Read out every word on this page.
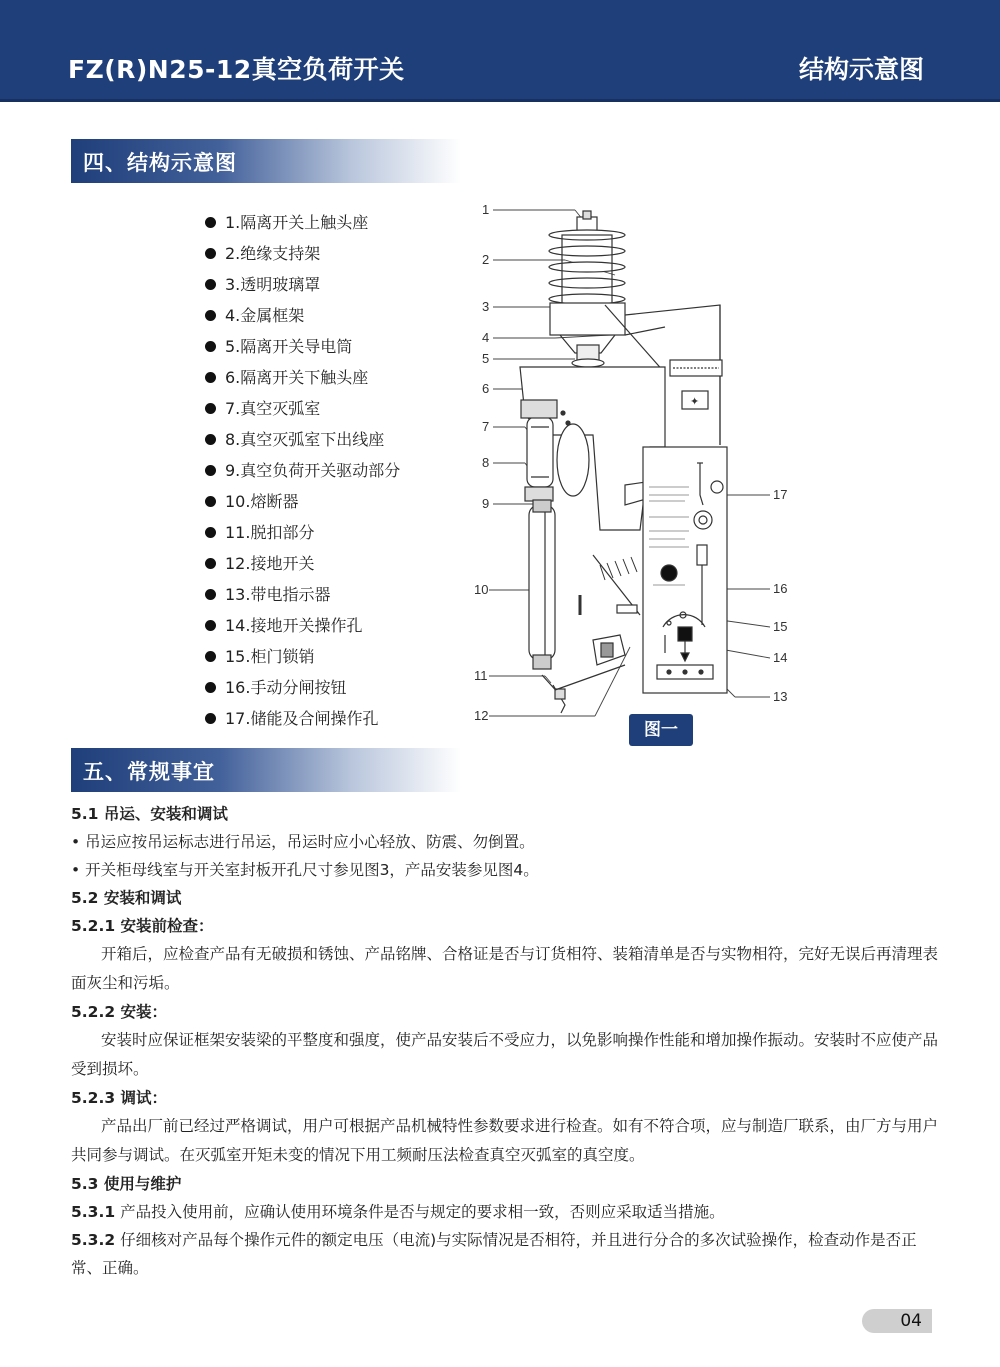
FZ(R)N25-12真空负荷开关	结构示意图
四、结构示意图
1.隔离开关上触头座
2.绝缘支持架
3.透明玻璃罩
4.金属框架
5.隔离开关导电筒
6.隔离开关下触头座
7.真空灭弧室
8.真空灭弧室下出线座
9.真空负荷开关驱动部分
10.熔断器
11.脱扣部分
12.接地开关
13.带电指示器
14.接地开关操作孔
15.柜门锁销
16.手动分闸按钮
17.储能及合闸操作孔
1
2
3
4
5
6
7
8
9
10
11
12
17
16
15
14
13
✦
图一
五、常规事宜
5.1 吊运、安装和调试
• 吊运应按吊运标志进行吊运，吊运时应小心轻放、防震、勿倒置。
• 开关柜母线室与开关室封板开孔尺寸参见图3，产品安装参见图4。
5.2 安装和调试
5.2.1 安装前检查：
开箱后，应检查产品有无破损和锈蚀、产品铭牌、合格证是否与订货相符、装箱清单是否与实物相符，完好无误后再清理表面灰尘和污垢。
5.2.2 安装：
安装时应保证框架安装梁的平整度和强度，使产品安装后不受应力，以免影响操作性能和增加操作振动。安装时不应使产品受到损坏。
5.2.3 调试：
产品出厂前已经过严格调试，用户可根据产品机械特性参数要求进行检查。如有不符合项，应与制造厂联系，由厂方与用户共同参与调试。在灭弧室开矩未变的情况下用工频耐压法检查真空灭弧室的真空度。
5.3 使用与维护
5.3.1 产品投入使用前，应确认使用环境条件是否与规定的要求相一致，否则应采取适当措施。
5.3.2 仔细核对产品每个操作元件的额定电压（电流)与实际情况是否相符，并且进行分合的多次试验操作，检查动作是否正常、正确。
04
